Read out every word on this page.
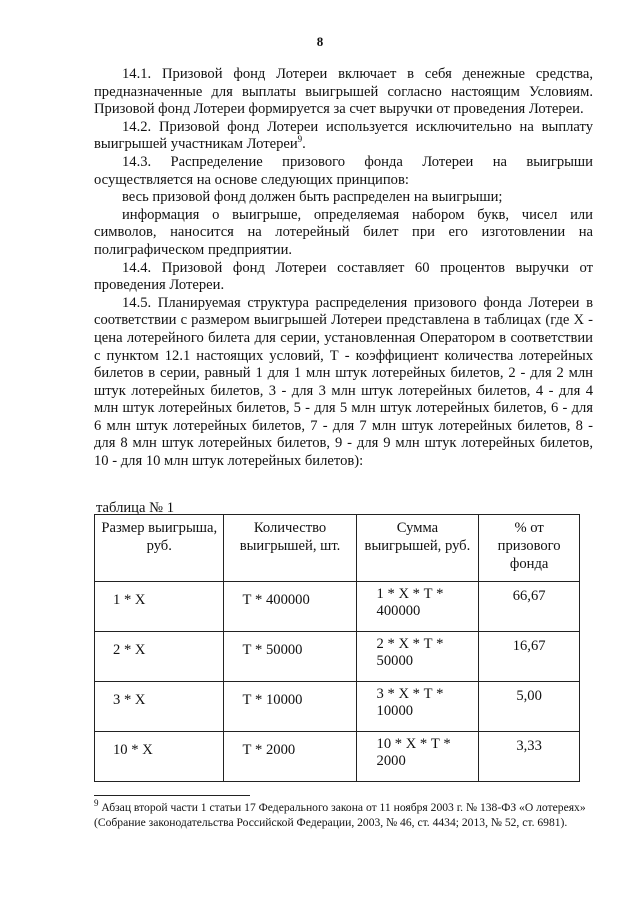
8

14.1. Призовой фонд Лотереи включает в себя денежные средства, предназначенные для выплаты выигрышей согласно настоящим Условиям. Призовой фонд Лотереи формируется за счет выручки от проведения Лотереи.

14.2. Призовой фонд Лотереи используется исключительно на выплату выигрышей участникам Лотереи$^9$.

14.3. Распределение призового фонда Лотереи на выигрыши осуществляется на основе следующих принципов:

весь призовой фонд должен быть распределен на выигрыши;

информация о выигрыше, определяемая набором букв, чисел или символов, наносится на лотерейный билет при его изготовлении на полиграфическом предприятии.

14.4. Призовой фонд Лотереи составляет 60 процентов выручки от проведения Лотереи.

14.5. Планируемая структура распределения призового фонда Лотереи в соответствии с размером выигрышей Лотереи представлена в таблицах (где X - цена лотерейного билета для серии, установленная Оператором в соответствии с пунктом 12.1 настоящих условий, Т - коэффициент количества лотерейных билетов в серии, равный 1 для 1 млн штук лотерейных билетов, 2 - для 2 млн штук лотерейных билетов, 3 - для 3 млн штук лотерейных билетов, 4 - для 4 млн штук лотерейных билетов, 5 - для 5 млн штук лотерейных билетов, 6 - для 6 млн штук лотерейных билетов, 7 - для 7 млн штук лотерейных билетов, 8 - для 8 млн штук лотерейных билетов, 9 - для 9 млн штук лотерейных билетов, 10 - для 10 млн штук лотерейных билетов):

таблица № 1
Размер выигрыша, руб.	Количество выигрышей, шт.	Сумма выигрышей, руб.	% от призового фонда
1 * X	Т * 400000	1 * X * Т * 400000	66,67
2 * X	Т * 50000	2 * X * Т * 50000	16,67
3 * X	Т * 10000	3 * X * Т * 10000	5,00
10 * X	Т * 2000	10 * X * Т * 2000	3,33
$^9$ Абзац второй части 1 статьи 17 Федерального закона от 11 ноября 2003 г. № 138-ФЗ «О лотереях» (Собрание законодательства Российской Федерации, 2003, № 46, ст. 4434; 2013, № 52, ст. 6981).
